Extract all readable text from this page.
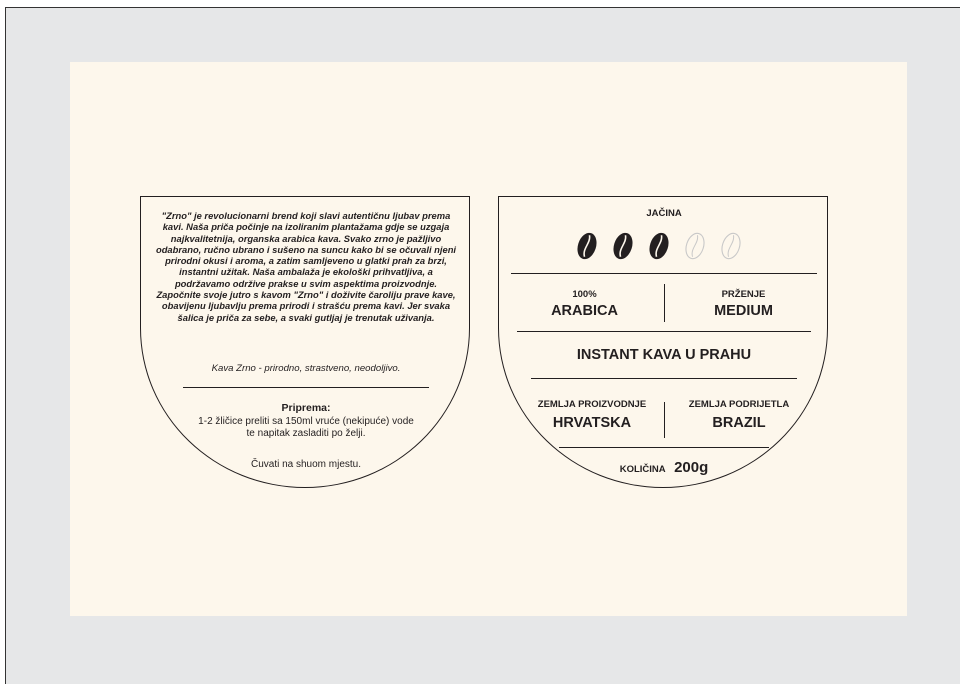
"Zrno" je revolucionarni brend koji slavi autentičnu ljubav prema kavi. Naša priča počinje na izoliranim plantažama gdje se uzgaja najkvalitetnija, organska arabica kava. Svako zrno je pažljivo odabrano, ručno ubrano i sušeno na suncu kako bi se očuvali njeni prirodni okusi i aroma, a zatim samljeveno u glatki prah za brzi, instantni užitak. Naša ambalaža je ekološki prihvatljiva, a podržavamo održive prakse u svim aspektima proizvodnje.

Započnite svoje jutro s kavom "Zrno" i doživite čaroliju prave kave, obavijenu ljubavlju prema prirodi i strašću prema kavi. Jer svaka šalica je priča za sebe, a svaki gutljaj je trenutak uživanja.

Kava Zrno - prirodno, strastveno, neodoljivo.
Priprema:
1-2 žličice preliti sa 150ml vruće (nekipuće) vode
te napitak zasladiti po želji.
Čuvati na shuom mjestu.
JAČINA
100%
ARABICA
PRŽENJE
MEDIUM
INSTANT KAVA U PRAHU
ZEMLJA PROIZVODNJE
HRVATSKA
ZEMLJA PODRIJETLA
BRAZIL
KOLIČINA 200g
